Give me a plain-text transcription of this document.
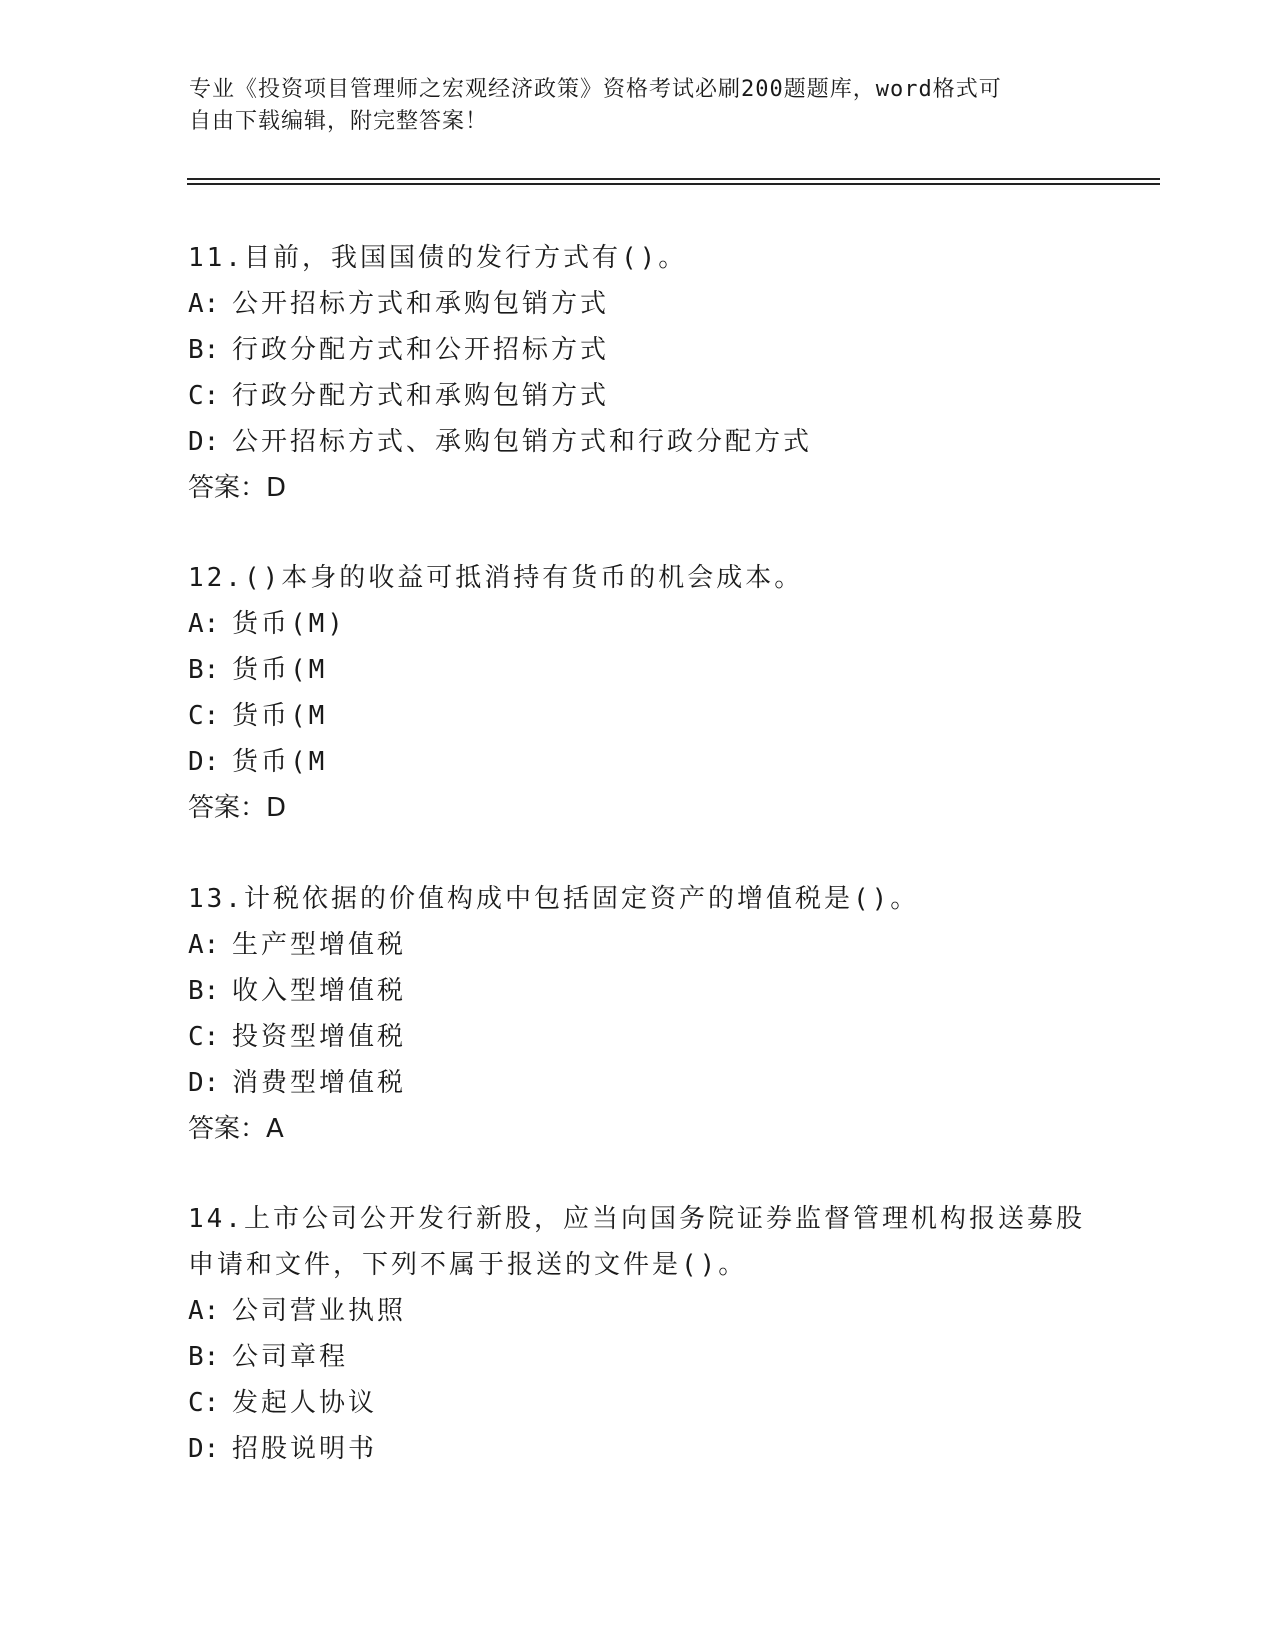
专业《投资项目管理师之宏观经济政策》资格考试必刷200题题库，word格式可
自由下载编辑，附完整答案！
11.目前，我国国债的发行方式有()。
A: 公开招标方式和承购包销方式
B: 行政分配方式和公开招标方式
C: 行政分配方式和承购包销方式
D: 公开招标方式、承购包销方式和行政分配方式
答案：D
12.()本身的收益可抵消持有货币的机会成本。
A: 货币(M)
B: 货币(M
C: 货币(M
D: 货币(M
答案：D
13.计税依据的价值构成中包括固定资产的增值税是()。
A: 生产型增值税
B: 收入型增值税
C: 投资型增值税
D: 消费型增值税
答案：A
14.上市公司公开发行新股，应当向国务院证券监督管理机构报送募股
申请和文件，下列不属于报送的文件是()。
A: 公司营业执照
B: 公司章程
C: 发起人协议
D: 招股说明书
